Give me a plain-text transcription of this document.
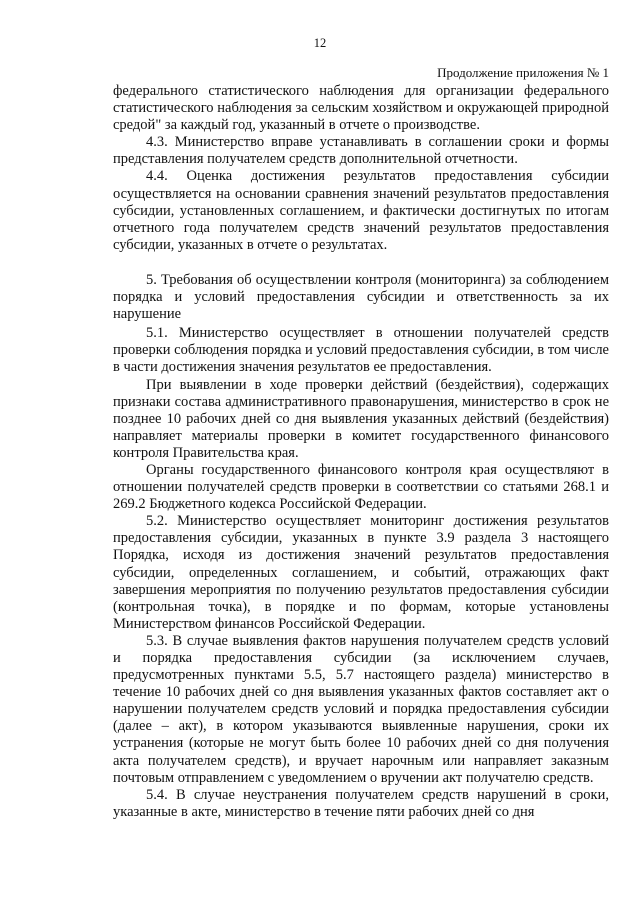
12
Продолжение приложения № 1

федерального статистического наблюдения для организации федерального статистического наблюдения за сельским хозяйством и окружающей природной средой" за каждый год, указанный в отчете о производстве.

4.3. Министерство вправе устанавливать в соглашении сроки и формы представления получателем средств дополнительной отчетности.

4.4. Оценка достижения результатов предоставления субсидии осуществляется на основании сравнения значений результатов предоставления субсидии, установленных соглашением, и фактически достигнутых по итогам отчетного года получателем средств значений результатов предоставления субсидии, указанных в отчете о результатах.

5. Требования об осуществлении контроля (мониторинга) за соблюдением порядка и условий предоставления субсидии и ответственность за их нарушение

5.1. Министерство осуществляет в отношении получателей средств проверки соблюдения порядка и условий предоставления субсидии, в том числе в части достижения значения результатов ее предоставления.

При выявлении в ходе проверки действий (бездействия), содержащих признаки состава административного правонарушения, министерство в срок не позднее 10 рабочих дней со дня выявления указанных действий (бездействия) направляет материалы проверки в комитет государственного финансового контроля Правительства края.

Органы государственного финансового контроля края осуществляют в отношении получателей средств проверки в соответствии со статьями 268.1 и 269.2 Бюджетного кодекса Российской Федерации.

5.2. Министерство осуществляет мониторинг достижения результатов предоставления субсидии, указанных в пункте 3.9 раздела 3 настоящего Порядка, исходя из достижения значений результатов предоставления субсидии, определенных соглашением, и событий, отражающих факт завершения мероприятия по получению результатов предоставления субсидии (контрольная точка), в порядке и по формам, которые установлены Министерством финансов Российской Федерации.

5.3. В случае выявления фактов нарушения получателем средств условий и порядка предоставления субсидии (за исключением случаев, предусмотренных пунктами 5.5, 5.7 настоящего раздела) министерство в течение 10 рабочих дней со дня выявления указанных фактов составляет акт о нарушении получателем средств условий и порядка предоставления субсидии (далее – акт), в котором указываются выявленные нарушения, сроки их устранения (которые не могут быть более 10 рабочих дней со дня получения акта получателем средств), и вручает нарочным или направляет заказным почтовым отправлением с уведомлением о вручении акт получателю средств.

5.4. В случае неустранения получателем средств нарушений в сроки, указанные в акте, министерство в течение пяти рабочих дней со дня
